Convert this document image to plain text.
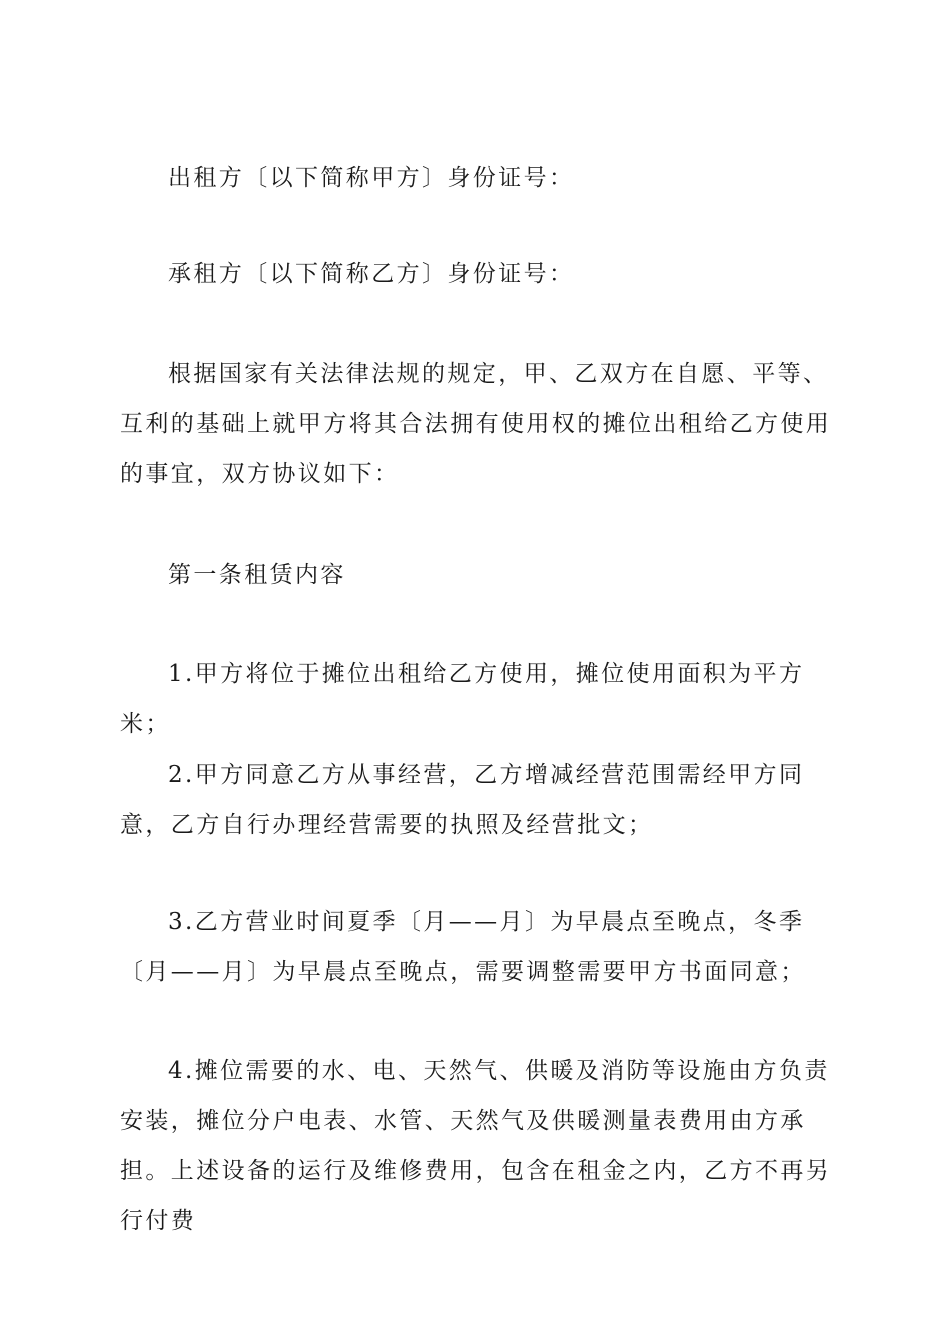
出租方〔以下简称甲方〕身份证号：

承租方〔以下简称乙方〕身份证号：

根据国家有关法律法规的规定，甲、乙双方在自愿、平等、互利的基础上就甲方将其合法拥有使用权的摊位出租给乙方使用的事宜，双方协议如下：

第一条租赁内容

1.甲方将位于摊位出租给乙方使用，摊位使用面积为平方米；

2.甲方同意乙方从事经营，乙方增减经营范围需经甲方同意，乙方自行办理经营需要的执照及经营批文；

3.乙方营业时间夏季〔月——月〕为早晨点至晚点，冬季〔月——月〕为早晨点至晚点，需要调整需要甲方书面同意；

4.摊位需要的水、电、天然气、供暖及消防等设施由方负责安装，摊位分户电表、水管、天然气及供暖测量表费用由方承担。上述设备的运行及维修费用，包含在租金之内，乙方不再另行付费
